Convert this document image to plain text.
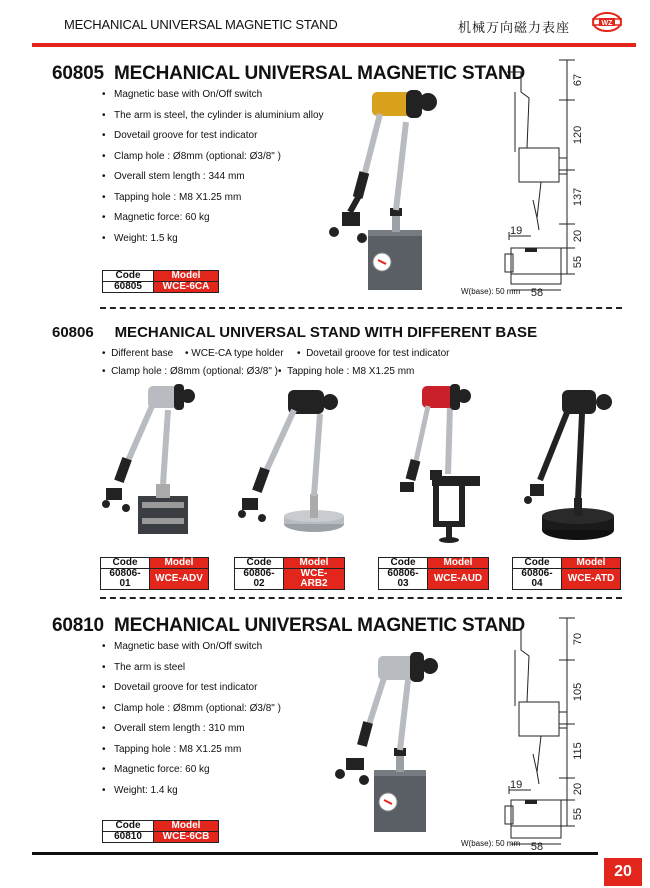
MECHANICAL UNIVERSAL MAGNETIC STAND	机械万向磁力表座	WZ
60805 MECHANICAL UNIVERSAL MAGNETIC STAND
• Magnetic base with On/Off switch
• The arm is steel, the cylinder is aluminium alloy
• Dovetail groove for test indicator
• Clamp hole : Ø8mm (optional: Ø3/8" )
• Overall stem length : 344 mm
• Tapping hole : M8 X1.25 mm
• Magnetic force: 60 kg
• Weight: 1.5 kg
Code	Model
60805	WCE-6CA
67
120
137
20
55
19
58
W(base): 50 mm
60806 MECHANICAL UNIVERSAL STAND WITH DIFFERENT BASE
•  Different base • WCE-CA type holder •  Dovetail groove for test indicator
•  Clamp hole : Ø8mm (optional: Ø3/8" ) •  Tapping hole : M8 X1.25 mm
Code	Model
60806-01	WCE-ADV
Code	Model
60806-02	WCE-ARB2
Code	Model
60806-03	WCE-AUD
Code	Model
60806-04	WCE-ATD
60810 MECHANICAL UNIVERSAL MAGNETIC STAND
• Magnetic base with On/Off switch
• The arm is steel
• Dovetail groove for test indicator
• Clamp hole : Ø8mm (optional: Ø3/8" )
• Overall stem length : 310 mm
• Tapping hole : M8 X1.25 mm
• Magnetic force: 60 kg
• Weight: 1.4 kg
Code	Model
60810	WCE-6CB
70
105
115
20
55
19
58
W(base): 50 mm
20
